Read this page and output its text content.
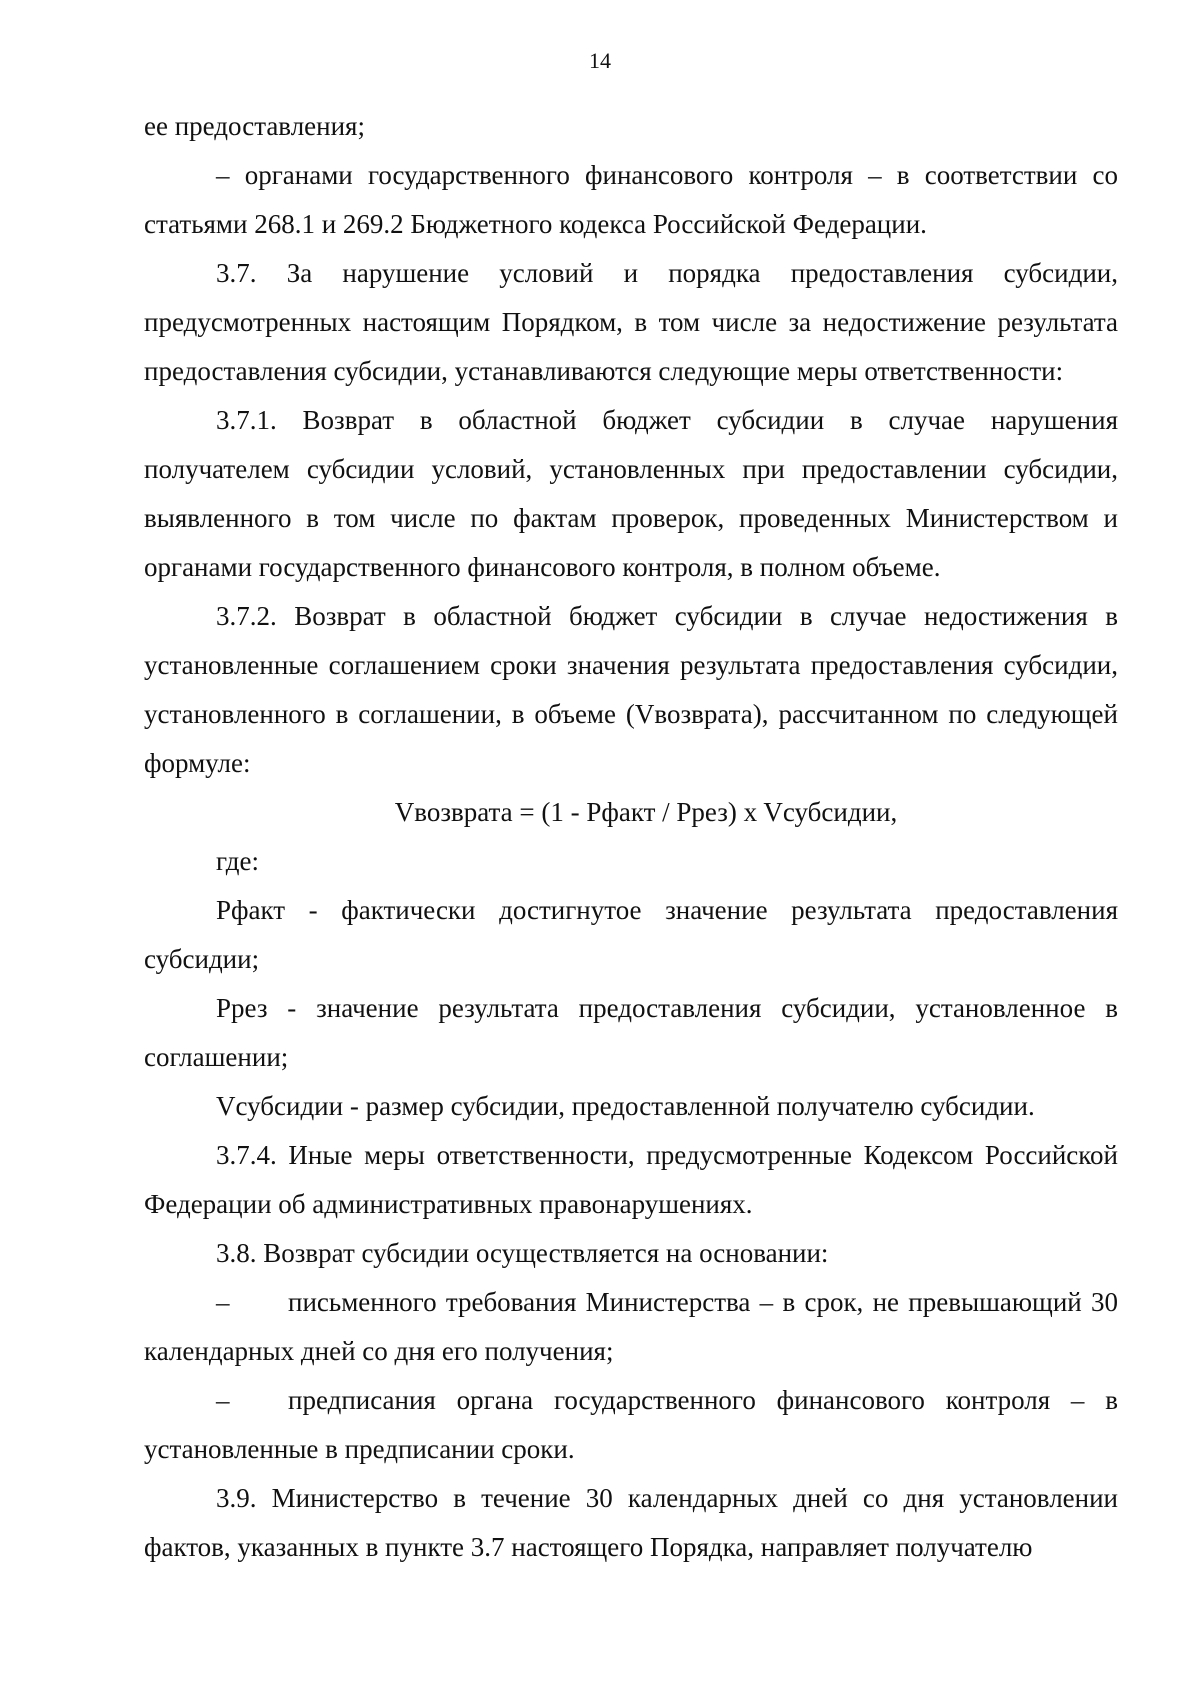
14

ее предоставления;

– органами государственного финансового контроля – в соответствии со статьями 268.1 и 269.2 Бюджетного кодекса Российской Федерации.

3.7. За нарушение условий и порядка предоставления субсидии, предусмотренных настоящим Порядком, в том числе за недостижение результата предоставления субсидии, устанавливаются следующие меры ответственности:

3.7.1. Возврат в областной бюджет субсидии в случае нарушения получателем субсидии условий, установленных при предоставлении субсидии, выявленного в том числе по фактам проверок, проведенных Министерством и органами государственного финансового контроля, в полном объеме.

3.7.2. Возврат в областной бюджет субсидии в случае недостижения в установленные соглашением сроки значения результата предоставления субсидии, установленного в соглашении, в объеме (Vвозврата), рассчитанном по следующей формуле:

Vвозврата = (1 - Рфакт / Ррез) x Vсубсидии,

где:

Рфакт - фактически достигнутое значение результата предоставления субсидии;

Ррез - значение результата предоставления субсидии, установленное в соглашении;

Vсубсидии - размер субсидии, предоставленной получателю субсидии.

3.7.4. Иные меры ответственности, предусмотренные Кодексом Российской Федерации об административных правонарушениях.

3.8. Возврат субсидии осуществляется на основании:

– письменного требования Министерства – в срок, не превышающий 30 календарных дней со дня его получения;

– предписания органа государственного финансового контроля – в установленные в предписании сроки.

3.9. Министерство в течение 30 календарных дней со дня установлении фактов, указанных в пункте 3.7 настоящего Порядка, направляет получателю
